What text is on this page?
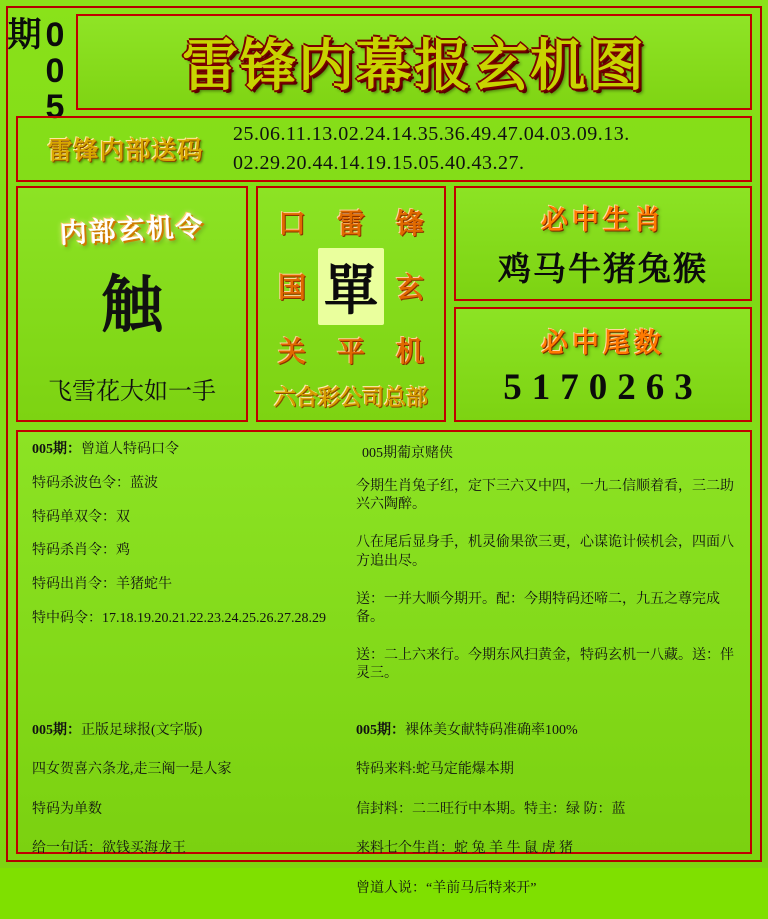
005期
雷锋内幕报玄机图
雷锋内部送码
25.06.11.13.02.24.14.35.36.49.47.04.03.09.13.
02.29.20.44.14.19.15.05.40.43.27.
内部玄机令
触
飞雪花大如一手
口 雷 锋
国 單 玄
关 平 机
六合彩公司总部
必中生肖
鸡马牛猪兔猴
必中尾数
5170263

005期：曾道人特码口令

特码杀波色令：蓝波

特码单双令：双

特码杀肖令：鸡

特码出肖令：羊猪蛇牛

特中码令：17.18.19.20.21.22.23.24.25.26.27.28.29

005期葡京赌侠

今期生肖兔子红，定下三六又中四，一九二信顺着看，三二助兴六陶醉。

八在尾后显身手，机灵偷果欲三更，心谋诡计候机会，四面八方追出尽。

送：一并大顺今期开。配：今期特码还啼二，九五之尊完成备。

送：二上六来行。今期东风扫黄金，特码玄机一八藏。送：伴灵三。

005期：正版足球报(文字版)

四女贺喜六条龙,走三阄一是人家

特码为单数

给一句话：欲钱买海龙王

005期：裸体美女献特码准确率100%

特码来料:蛇马定能爆本期

信封料：二二旺行中本期。特主：绿 防：蓝

来料七个生肖：蛇 兔 羊 牛 鼠 虎 猪

曾道人说：“羊前马后特来开”
